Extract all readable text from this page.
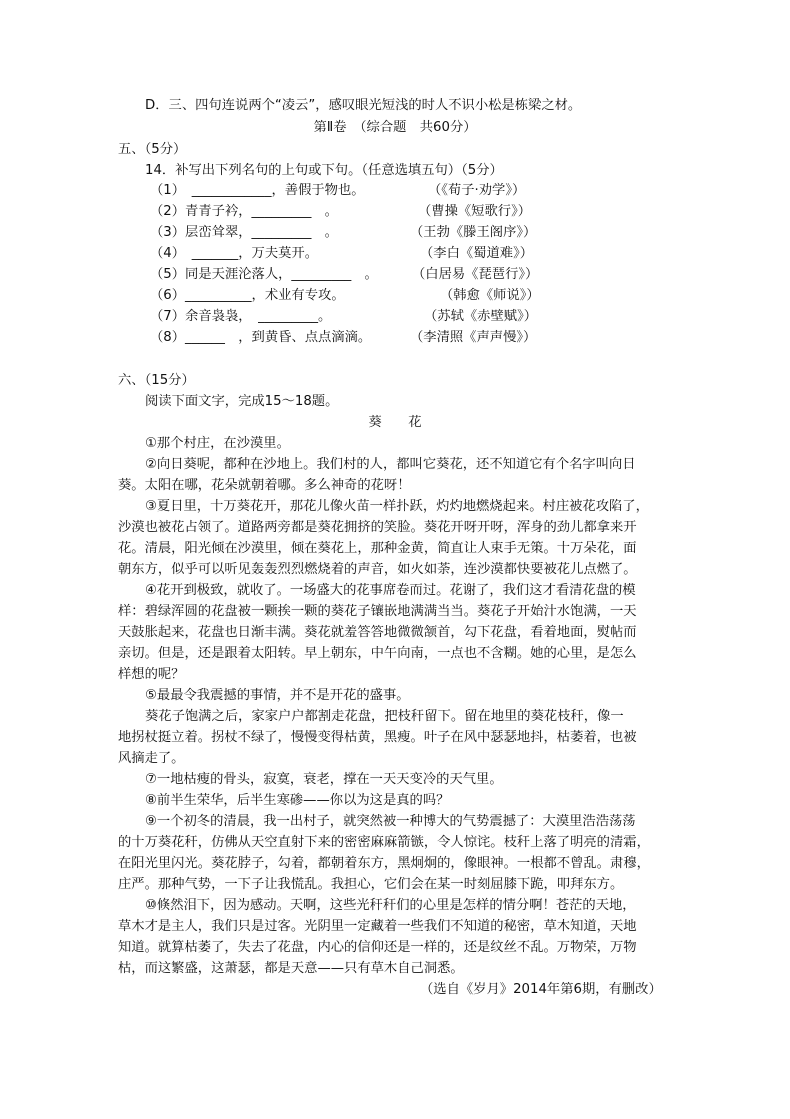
D．三、四句连说两个“凌云”，感叹眼光短浅的时人不识小松是栋梁之材。
第Ⅱ卷　（综合题　共60分）
五、（5分）
14．补写出下列名句的上句或下句。（任意选填五句）（5分）
（1）　____________，善假于物也。	（《荀子·劝学》）
（2）青青子衿，_________　。	（曹操《短歌行》）
（3）层峦耸翠，_________　。	（王勃《滕王阁序》）
（4）　_______，万夫莫开。	（李白《蜀道难》）
（5）同是天涯沦落人，_________　。	（白居易《琵琶行》）
（6）__________，术业有专攻。	（韩愈《师说》）
（7）余音袅袅，　_________。	（苏轼《赤壁赋》）
（8）______　，到黄昏、点点滴滴。	（李清照《声声慢》）
六、（15分）
阅读下面文字，完成15～18题。
葵　　花
①那个村庄，在沙漠里。
②向日葵呢，都种在沙地上。我们村的人，都叫它葵花，还不知道它有个名字叫向日
葵。太阳在哪，花朵就朝着哪。多么神奇的花呀！
③夏日里，十万葵花开，那花儿像火苗一样扑跃，灼灼地燃烧起来。村庄被花攻陷了，
沙漠也被花占领了。道路两旁都是葵花拥挤的笑脸。葵花开呀开呀，浑身的劲儿都拿来开
花。清晨，阳光倾在沙漠里，倾在葵花上，那种金黄，简直让人束手无策。十万朵花，面
朝东方，似乎可以听见轰轰烈烈燃烧着的声音，如火如荼，连沙漠都快要被花儿点燃了。
④花开到极致，就收了。一场盛大的花事席卷而过。花谢了，我们这才看清花盘的模
样：碧绿浑圆的花盘被一颗挨一颗的葵花子镶嵌地满满当当。葵花子开始汁水饱满，一天
天鼓胀起来，花盘也日渐丰满。葵花就羞答答地微微颔首，勾下花盘，看着地面，熨帖而
亲切。但是，还是跟着太阳转。早上朝东，中午向南，一点也不含糊。她的心里，是怎么
样想的呢？
⑤最最令我震撼的事情，并不是开花的盛事。
葵花子饱满之后，家家户户都割走花盘，把枝秆留下。留在地里的葵花枝秆，像一
地拐杖挺立着。拐杖不绿了，慢慢变得枯黄，黑瘦。叶子在风中瑟瑟地抖，枯萎着，也被
风摘走了。
⑦一地枯瘦的骨头，寂寞，衰老，撑在一天天变冷的天气里。
⑧前半生荣华，后半生寒碜——你以为这是真的吗？
⑨一个初冬的清晨，我一出村子，就突然被一种博大的气势震撼了：大漠里浩浩荡荡
的十万葵花秆，仿佛从天空直射下来的密密麻麻箭镞，令人惊诧。枝秆上落了明亮的清霜，
在阳光里闪光。葵花脖子，勾着，都朝着东方，黑炯炯的，像眼神。一根都不曾乱。肃穆，
庄严。那种气势，一下子让我慌乱。我担心，它们会在某一时刻屈膝下跪，叩拜东方。
⑩倏然泪下，因为感动。天啊，这些光秆秆们的心里是怎样的情分啊！苍茫的天地，
草木才是主人，我们只是过客。光阴里一定藏着一些我们不知道的秘密，草木知道，天地
知道。就算枯萎了，失去了花盘，内心的信仰还是一样的，还是纹丝不乱。万物荣，万物
枯，而这繁盛，这萧瑟，都是天意——只有草木自己洞悉。
（选自《岁月》2014年第6期，有删改）
